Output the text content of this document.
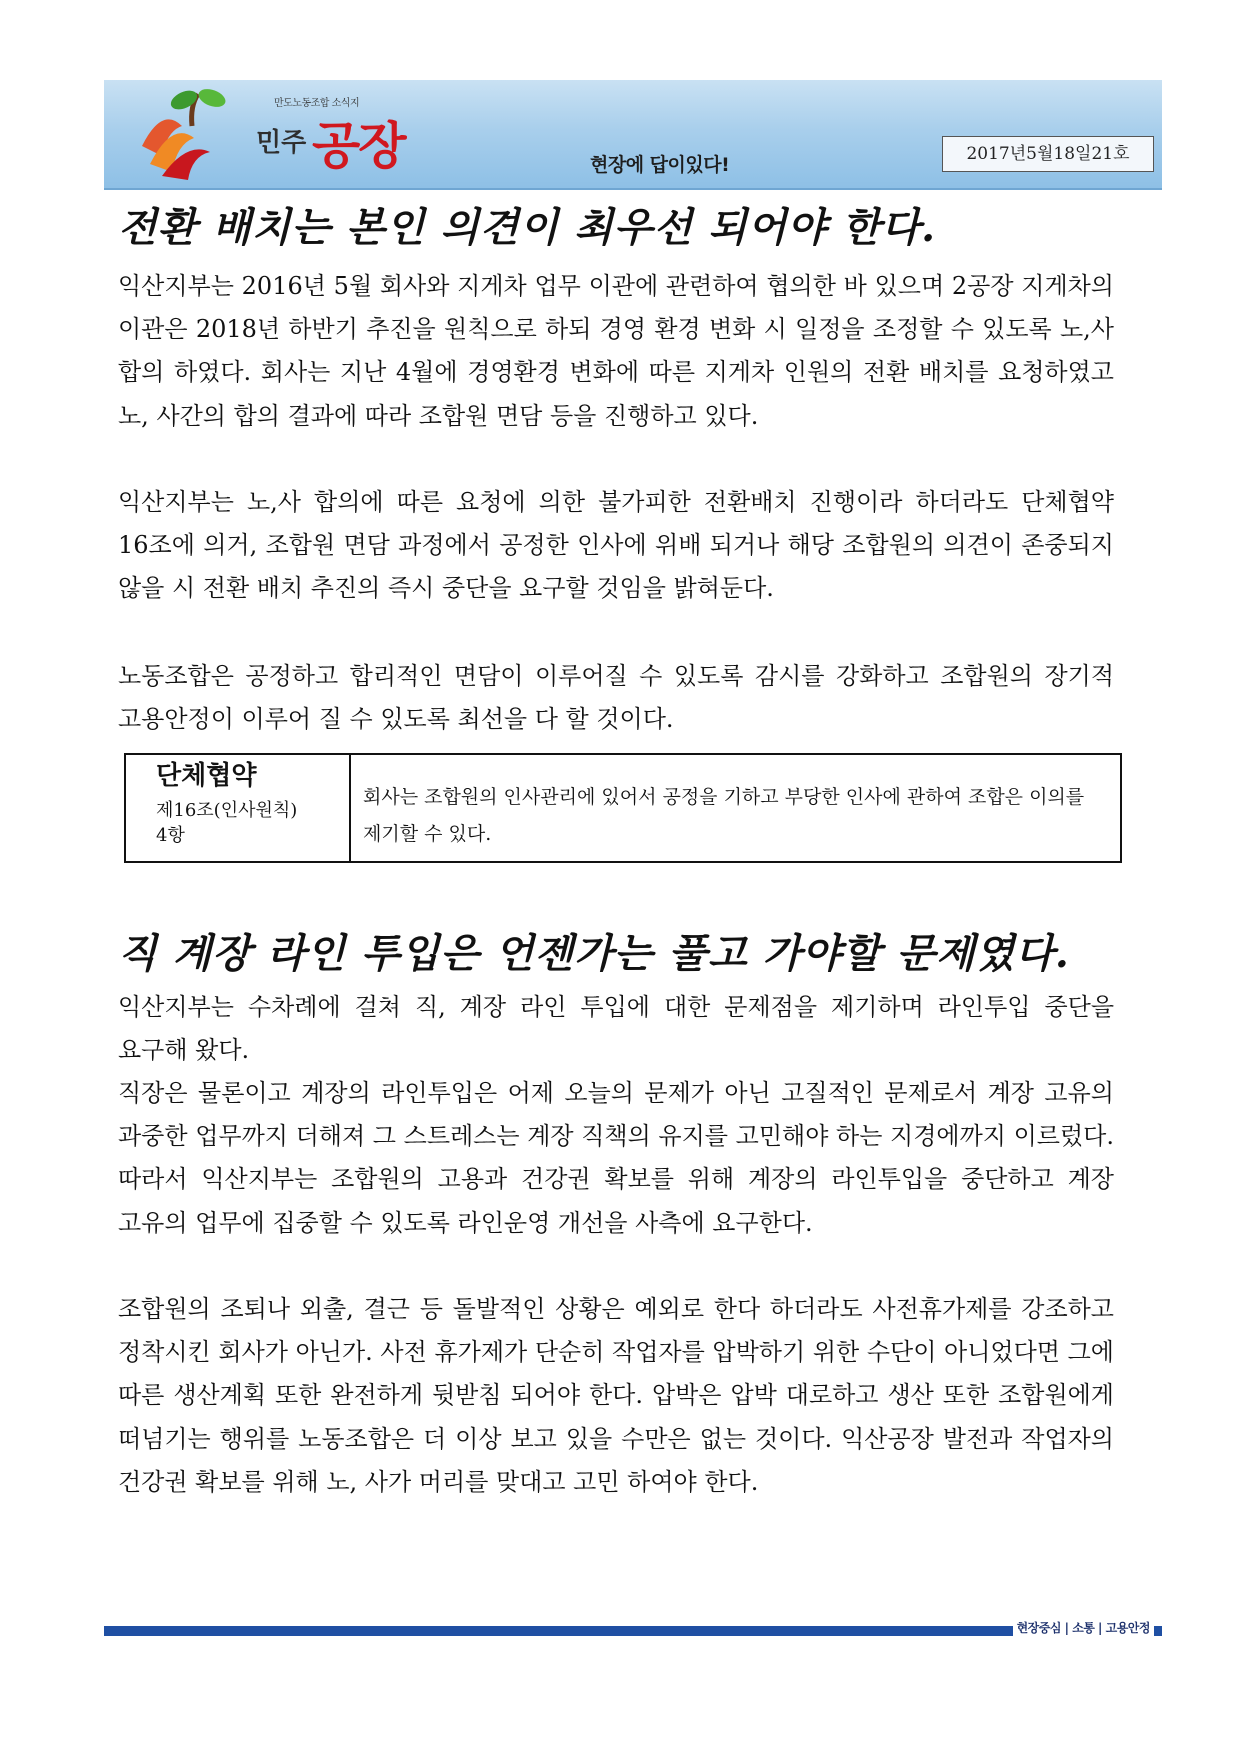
만도노동조합 소식지
민주 공장	현장에 답이있다!	2017년5월18일21호
전환 배치는 본인 의견이 최우선 되어야 한다.

익산지부는 2016년 5월 회사와 지게차 업무 이관에 관련하여 협의한 바 있으며 2공장 지게차의 이관은 2018년 하반기 추진을 원칙으로 하되 경영 환경 변화 시 일정을 조정할 수 있도록 노,사 합의 하였다. 회사는 지난 4월에 경영환경 변화에 따른 지게차 인원의 전환 배치를 요청하였고 노, 사간의 합의 결과에 따라 조합원 면담 등을 진행하고 있다.

익산지부는 노,사 합의에 따른 요청에 의한 불가피한 전환배치 진행이라 하더라도 단체협약 16조에 의거, 조합원 면담 과정에서 공정한 인사에 위배 되거나 해당 조합원의 의견이 존중되지 않을 시 전환 배치 추진의 즉시 중단을 요구할 것임을 밝혀둔다.

노동조합은 공정하고 합리적인 면담이 이루어질 수 있도록 감시를 강화하고 조합원의 장기적 고용안정이 이루어 질 수 있도록 최선을 다 할 것이다.

단체협약
제16조(인사원칙)
4항
회사는 조합원의 인사관리에 있어서 공정을 기하고 부당한 인사에 관하여 조합은 이의를 제기할 수 있다.
직 계장 라인 투입은 언젠가는 풀고 가야할 문제였다.

익산지부는 수차례에 걸쳐 직, 계장 라인 투입에 대한 문제점을 제기하며 라인투입 중단을 요구해 왔다.

직장은 물론이고 계장의 라인투입은 어제 오늘의 문제가 아닌 고질적인 문제로서 계장 고유의 과중한 업무까지 더해져 그 스트레스는 계장 직책의 유지를 고민해야 하는 지경에까지 이르렀다. 따라서 익산지부는 조합원의 고용과 건강권 확보를 위해 계장의 라인투입을 중단하고 계장 고유의 업무에 집중할 수 있도록 라인운영 개선을 사측에 요구한다.

조합원의 조퇴나 외출, 결근 등 돌발적인 상황은 예외로 한다 하더라도 사전휴가제를 강조하고 정착시킨 회사가 아닌가. 사전 휴가제가 단순히 작업자를 압박하기 위한 수단이 아니었다면 그에 따른 생산계획 또한 완전하게 뒷받침 되어야 한다. 압박은 압박 대로하고 생산 또한 조합원에게 떠넘기는 행위를 노동조합은 더 이상 보고 있을 수만은 없는 것이다. 익산공장 발전과 작업자의 건강권 확보를 위해 노, 사가 머리를 맞대고 고민 하여야 한다.

현장중심 | 소통 | 고용안정
